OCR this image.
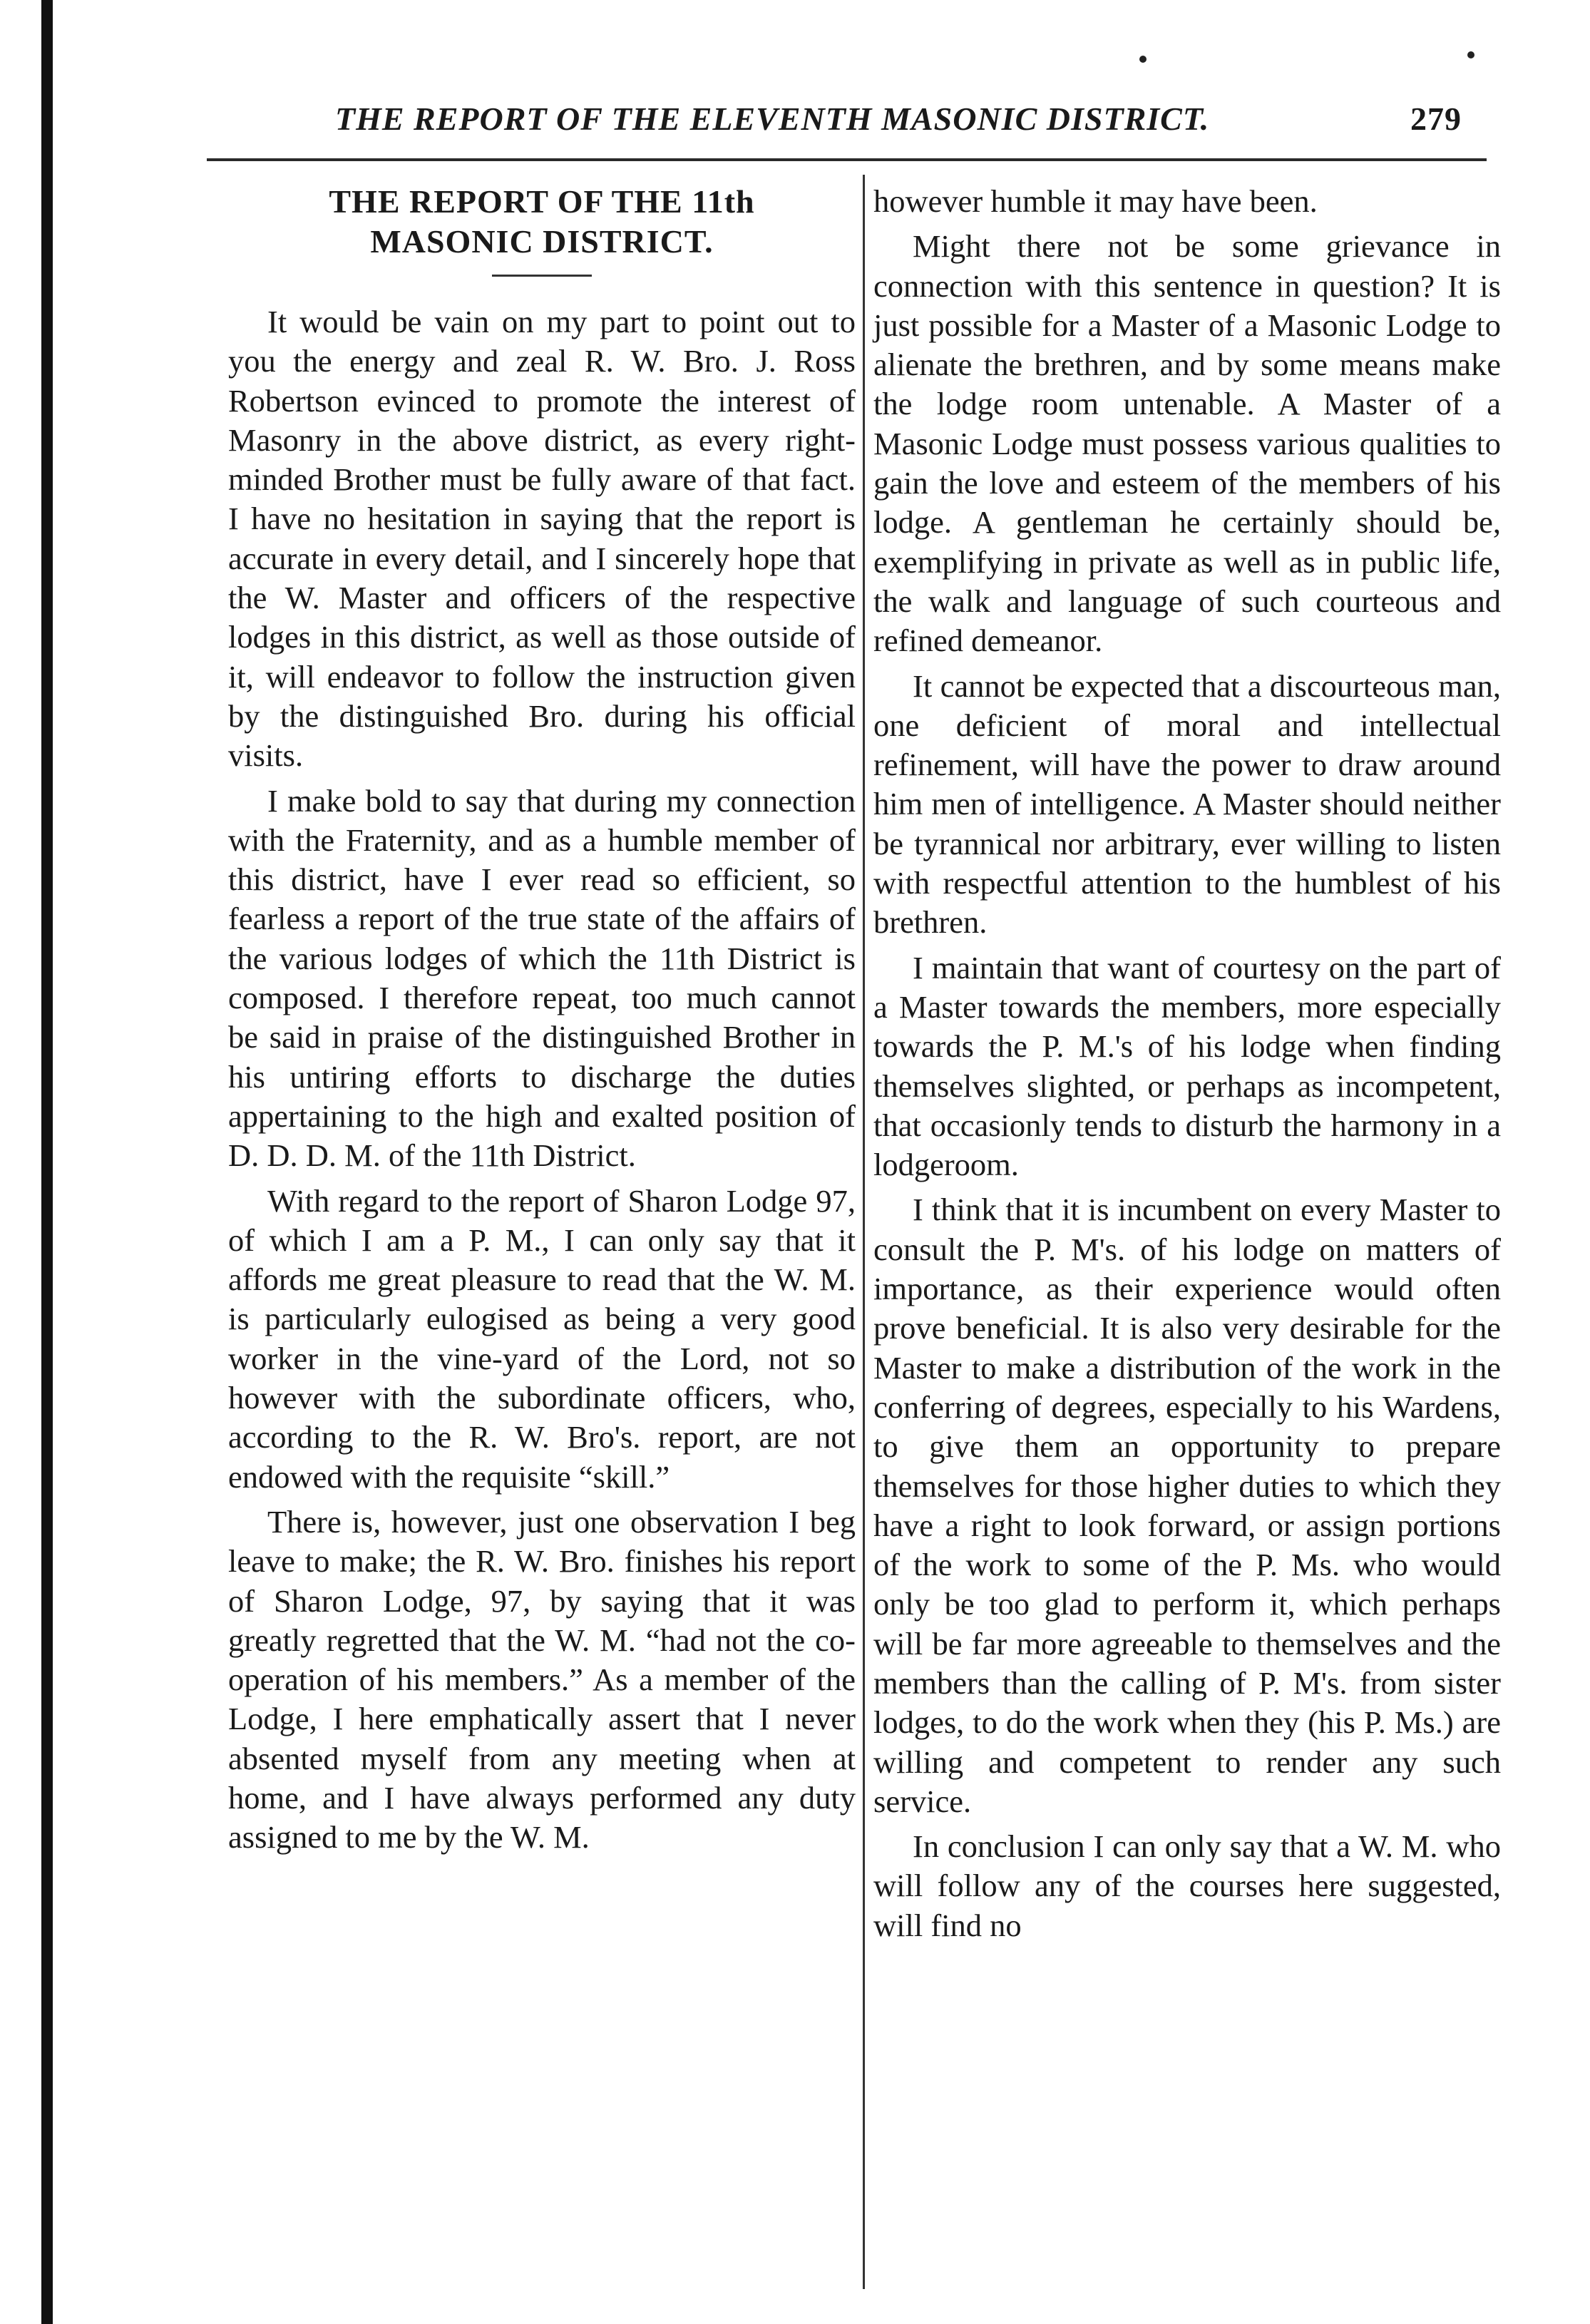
THE REPORT OF THE ELEVENTH MASONIC DISTRICT.	279
THE REPORT OF THE 11th
MASONIC DISTRICT.

It would be vain on my part to point out to you the energy and zeal R. W. Bro. J. Ross Robertson evinced to promote the interest of Masonry in the above district, as every right-minded Brother must be fully aware of that fact. I have no hesitation in saying that the report is accurate in every detail, and I sincerely hope that the W. Master and officers of the respective lodges in this district, as well as those outside of it, will endeavor to follow the instruction given by the distinguished Bro. during his official visits.

I make bold to say that during my connection with the Fraternity, and as a humble member of this district, have I ever read so efficient, so fearless a report of the true state of the affairs of the various lodges of which the 11th District is composed. I therefore repeat, too much cannot be said in praise of the distinguished Brother in his untiring efforts to discharge the duties appertaining to the high and exalted position of D. D. D. M. of the 11th District.

With regard to the report of Sharon Lodge 97, of which I am a P. M., I can only say that it affords me great pleasure to read that the W. M. is particularly eulogised as being a very good worker in the vine-yard of the Lord, not so however with the subordinate officers, who, according to the R. W. Bro's. report, are not endowed with the requisite “skill.”

There is, however, just one observation I beg leave to make; the R. W. Bro. finishes his report of Sharon Lodge, 97, by saying that it was greatly regretted that the W. M. “had not the co-operation of his members.” As a member of the Lodge, I here emphatically assert that I never absented myself from any meeting when at home, and I have always performed any duty assigned to me by the W. M.

however humble it may have been.

Might there not be some grievance in connection with this sentence in question? It is just possible for a Master of a Masonic Lodge to alienate the brethren, and by some means make the lodge room untenable. A Master of a Masonic Lodge must possess various qualities to gain the love and esteem of the members of his lodge. A gentleman he certainly should be, exemplifying in private as well as in public life, the walk and language of such courteous and refined demeanor.

It cannot be expected that a discourteous man, one deficient of moral and intellectual refinement, will have the power to draw around him men of intelligence. A Master should neither be tyrannical nor arbitrary, ever willing to listen with respectful attention to the humblest of his brethren.

I maintain that want of courtesy on the part of a Master towards the members, more especially towards the P. M.'s of his lodge when finding themselves slighted, or perhaps as incompetent, that occasionly tends to disturb the harmony in a lodgeroom.

I think that it is incumbent on every Master to consult the P. M's. of his lodge on matters of importance, as their experience would often prove beneficial. It is also very desirable for the Master to make a distribution of the work in the conferring of degrees, especially to his Wardens, to give them an opportunity to prepare themselves for those higher duties to which they have a right to look forward, or assign portions of the work to some of the P. Ms. who would only be too glad to perform it, which perhaps will be far more agreeable to themselves and the members than the calling of P. M's. from sister lodges, to do the work when they (his P. Ms.) are willing and competent to render any such service.

In conclusion I can only say that a W. M. who will follow any of the courses here suggested, will find no
